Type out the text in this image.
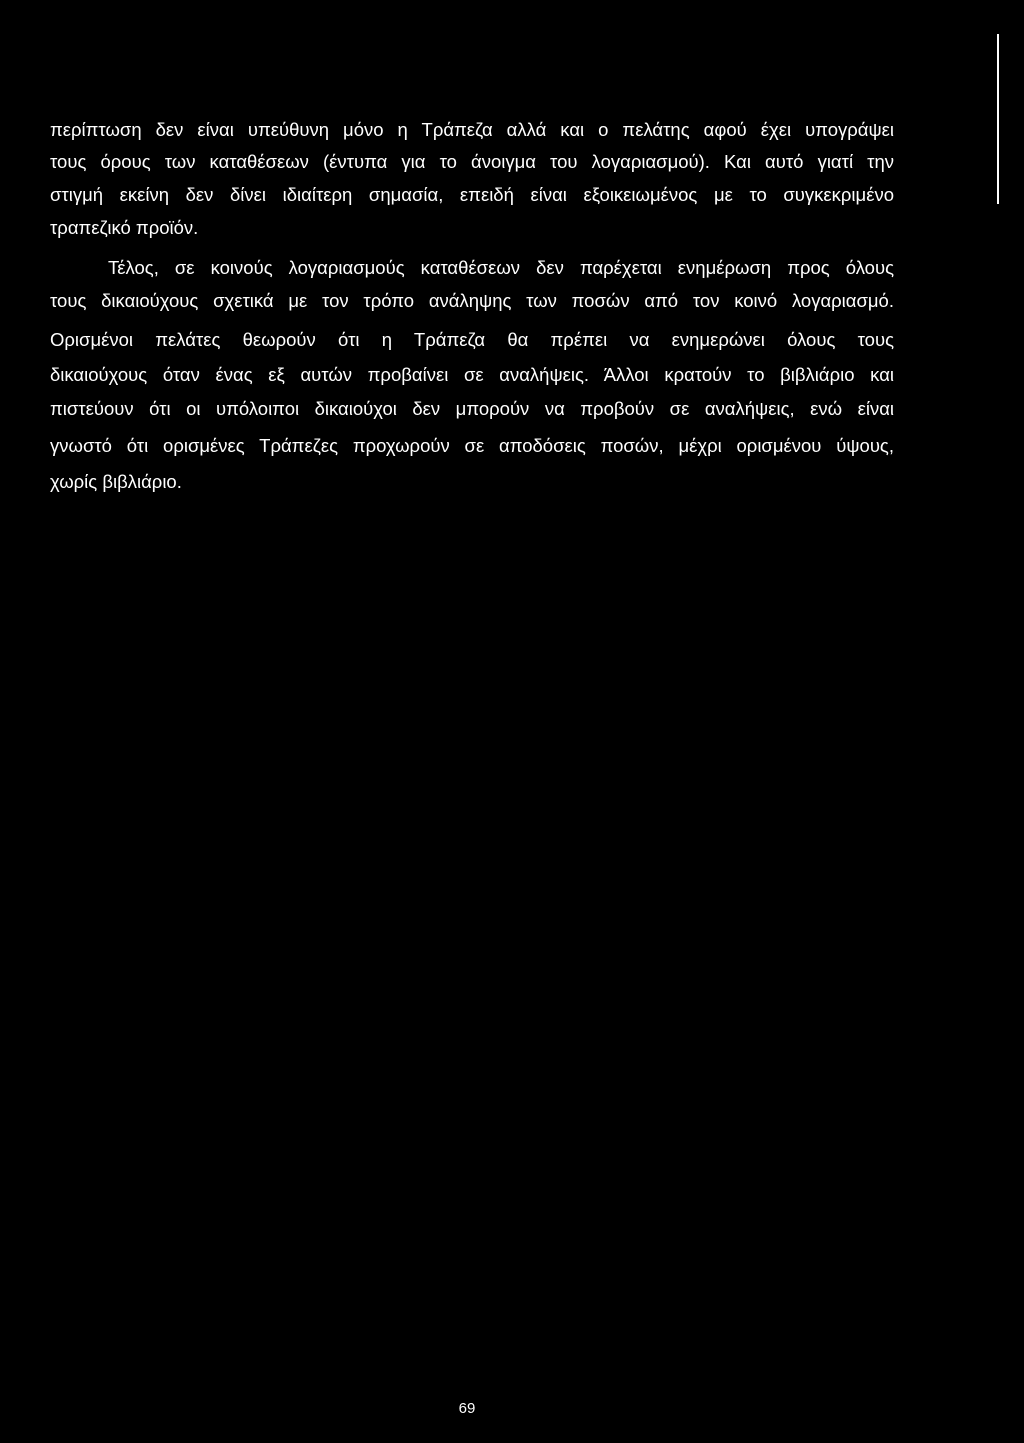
περίπτωση δεν είναι υπεύθυνη μόνο η Τράπεζα αλλά και ο πελάτης αφού έχει υπογράψει
τους όρους των καταθέσεων (έντυπα για το άνοιγμα του λογαριασμού). Και αυτό γιατί την
στιγμή εκείνη δεν δίνει ιδιαίτερη σημασία, επειδή είναι εξοικειωμένος με το συγκεκριμένο
τραπεζικό προϊόν.
Τέλος, σε κοινούς λογαριασμούς καταθέσεων δεν παρέχεται ενημέρωση προς όλους
τους δικαιούχους σχετικά με τον τρόπο ανάληψης των ποσών από τον κοινό λογαριασμό.
Ορισμένοι πελάτες θεωρούν ότι η Τράπεζα θα πρέπει να ενημερώνει όλους τους
δικαιούχους όταν ένας εξ αυτών προβαίνει σε αναλήψεις. Άλλοι κρατούν το βιβλιάριο και
πιστεύουν ότι οι υπόλοιποι δικαιούχοι δεν μπορούν να προβούν σε αναλήψεις, ενώ είναι
γνωστό ότι ορισμένες Τράπεζες προχωρούν σε αποδόσεις ποσών, μέχρι ορισμένου ύψους,
χωρίς βιβλιάριο.
69
